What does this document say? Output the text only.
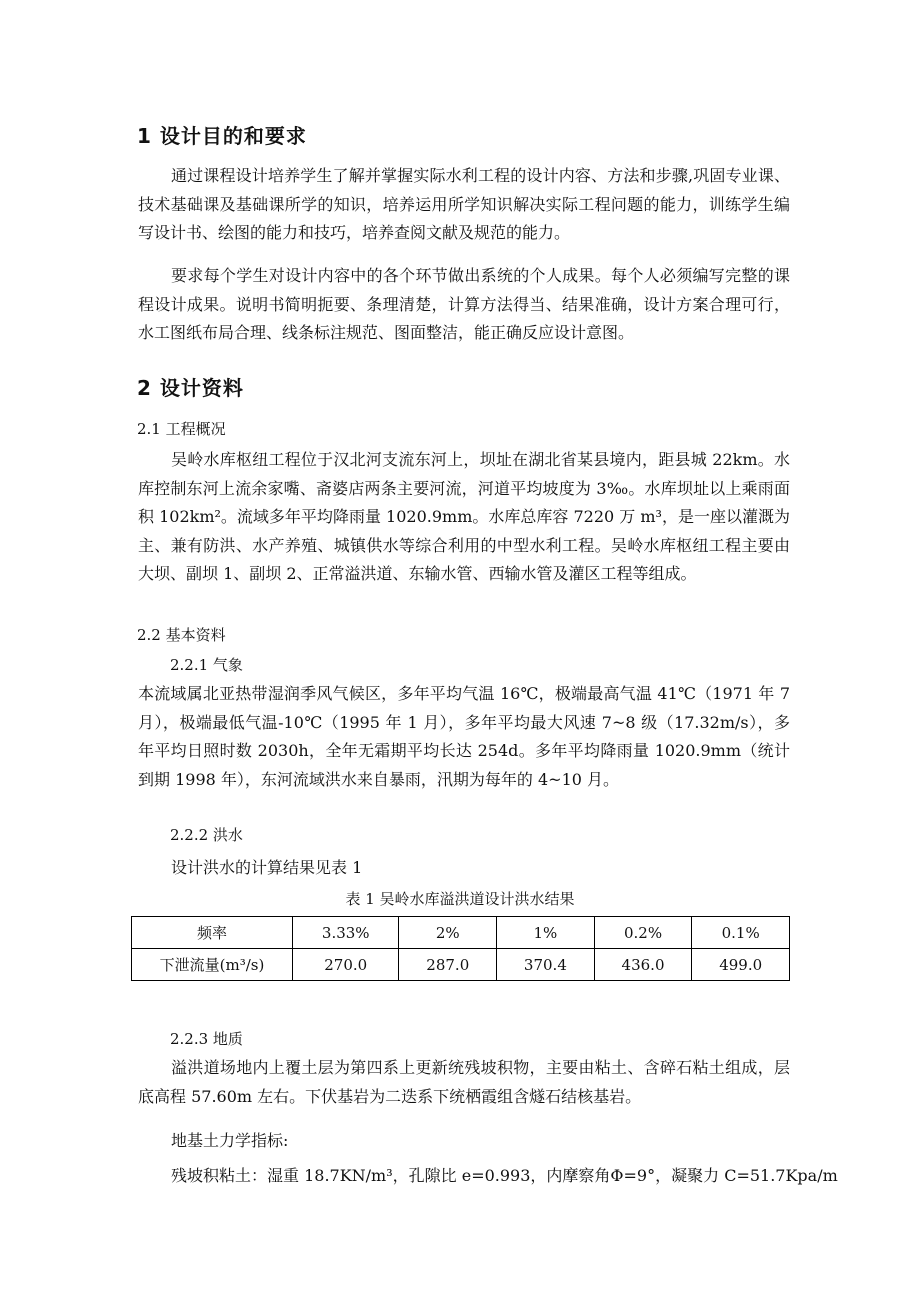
1 设计目的和要求

通过课程设计培养学生了解并掌握实际水利工程的设计内容、方法和步骤,巩固专业课、技术基础课及基础课所学的知识，培养运用所学知识解决实际工程问题的能力，训练学生编写设计书、绘图的能力和技巧，培养查阅文献及规范的能力。

要求每个学生对设计内容中的各个环节做出系统的个人成果。每个人必须编写完整的课程设计成果。说明书简明扼要、条理清楚，计算方法得当、结果准确，设计方案合理可行，水工图纸布局合理、线条标注规范、图面整洁，能正确反应设计意图。

2 设计资料

2.1 工程概况

吴岭水库枢纽工程位于汉北河支流东河上，坝址在湖北省某县境内，距县城 22km。水库控制东河上流余家嘴、斋婆店两条主要河流，河道平均坡度为 3‰。水库坝址以上乘雨面积 102km²。流域多年平均降雨量 1020.9mm。水库总库容 7220 万 m³，是一座以灌溉为主、兼有防洪、水产养殖、城镇供水等综合利用的中型水利工程。吴岭水库枢纽工程主要由大坝、副坝 1、副坝 2、正常溢洪道、东输水管、西输水管及灌区工程等组成。

2.2 基本资料

2.2.1 气象

本流域属北亚热带湿润季风气候区，多年平均气温 16℃，极端最高气温 41℃（1971 年 7 月），极端最低气温-10℃（1995 年 1 月），多年平均最大风速 7~8 级（17.32m/s），多年平均日照时数 2030h，全年无霜期平均长达 254d。多年平均降雨量 1020.9mm（统计到期 1998 年），东河流域洪水来自暴雨，汛期为每年的 4~10 月。

2.2.2 洪水

设计洪水的计算结果见表 1

表 1 吴岭水库溢洪道设计洪水结果

频率	3.33%	2%	1%	0.2%	0.1%
下泄流量(m³/s)	270.0	287.0	370.4	436.0	499.0

2.2.3 地质

溢洪道场地内上覆土层为第四系上更新统残坡积物，主要由粘土、含碎石粘土组成，层底高程 57.60m 左右。下伏基岩为二迭系下统栖霞组含燧石结核基岩。

地基土力学指标:

残坡积粘土：湿重 18.7KN/m³，孔隙比 e=0.993，内摩察角Φ=9°，凝聚力 C=51.7Kpa/m
